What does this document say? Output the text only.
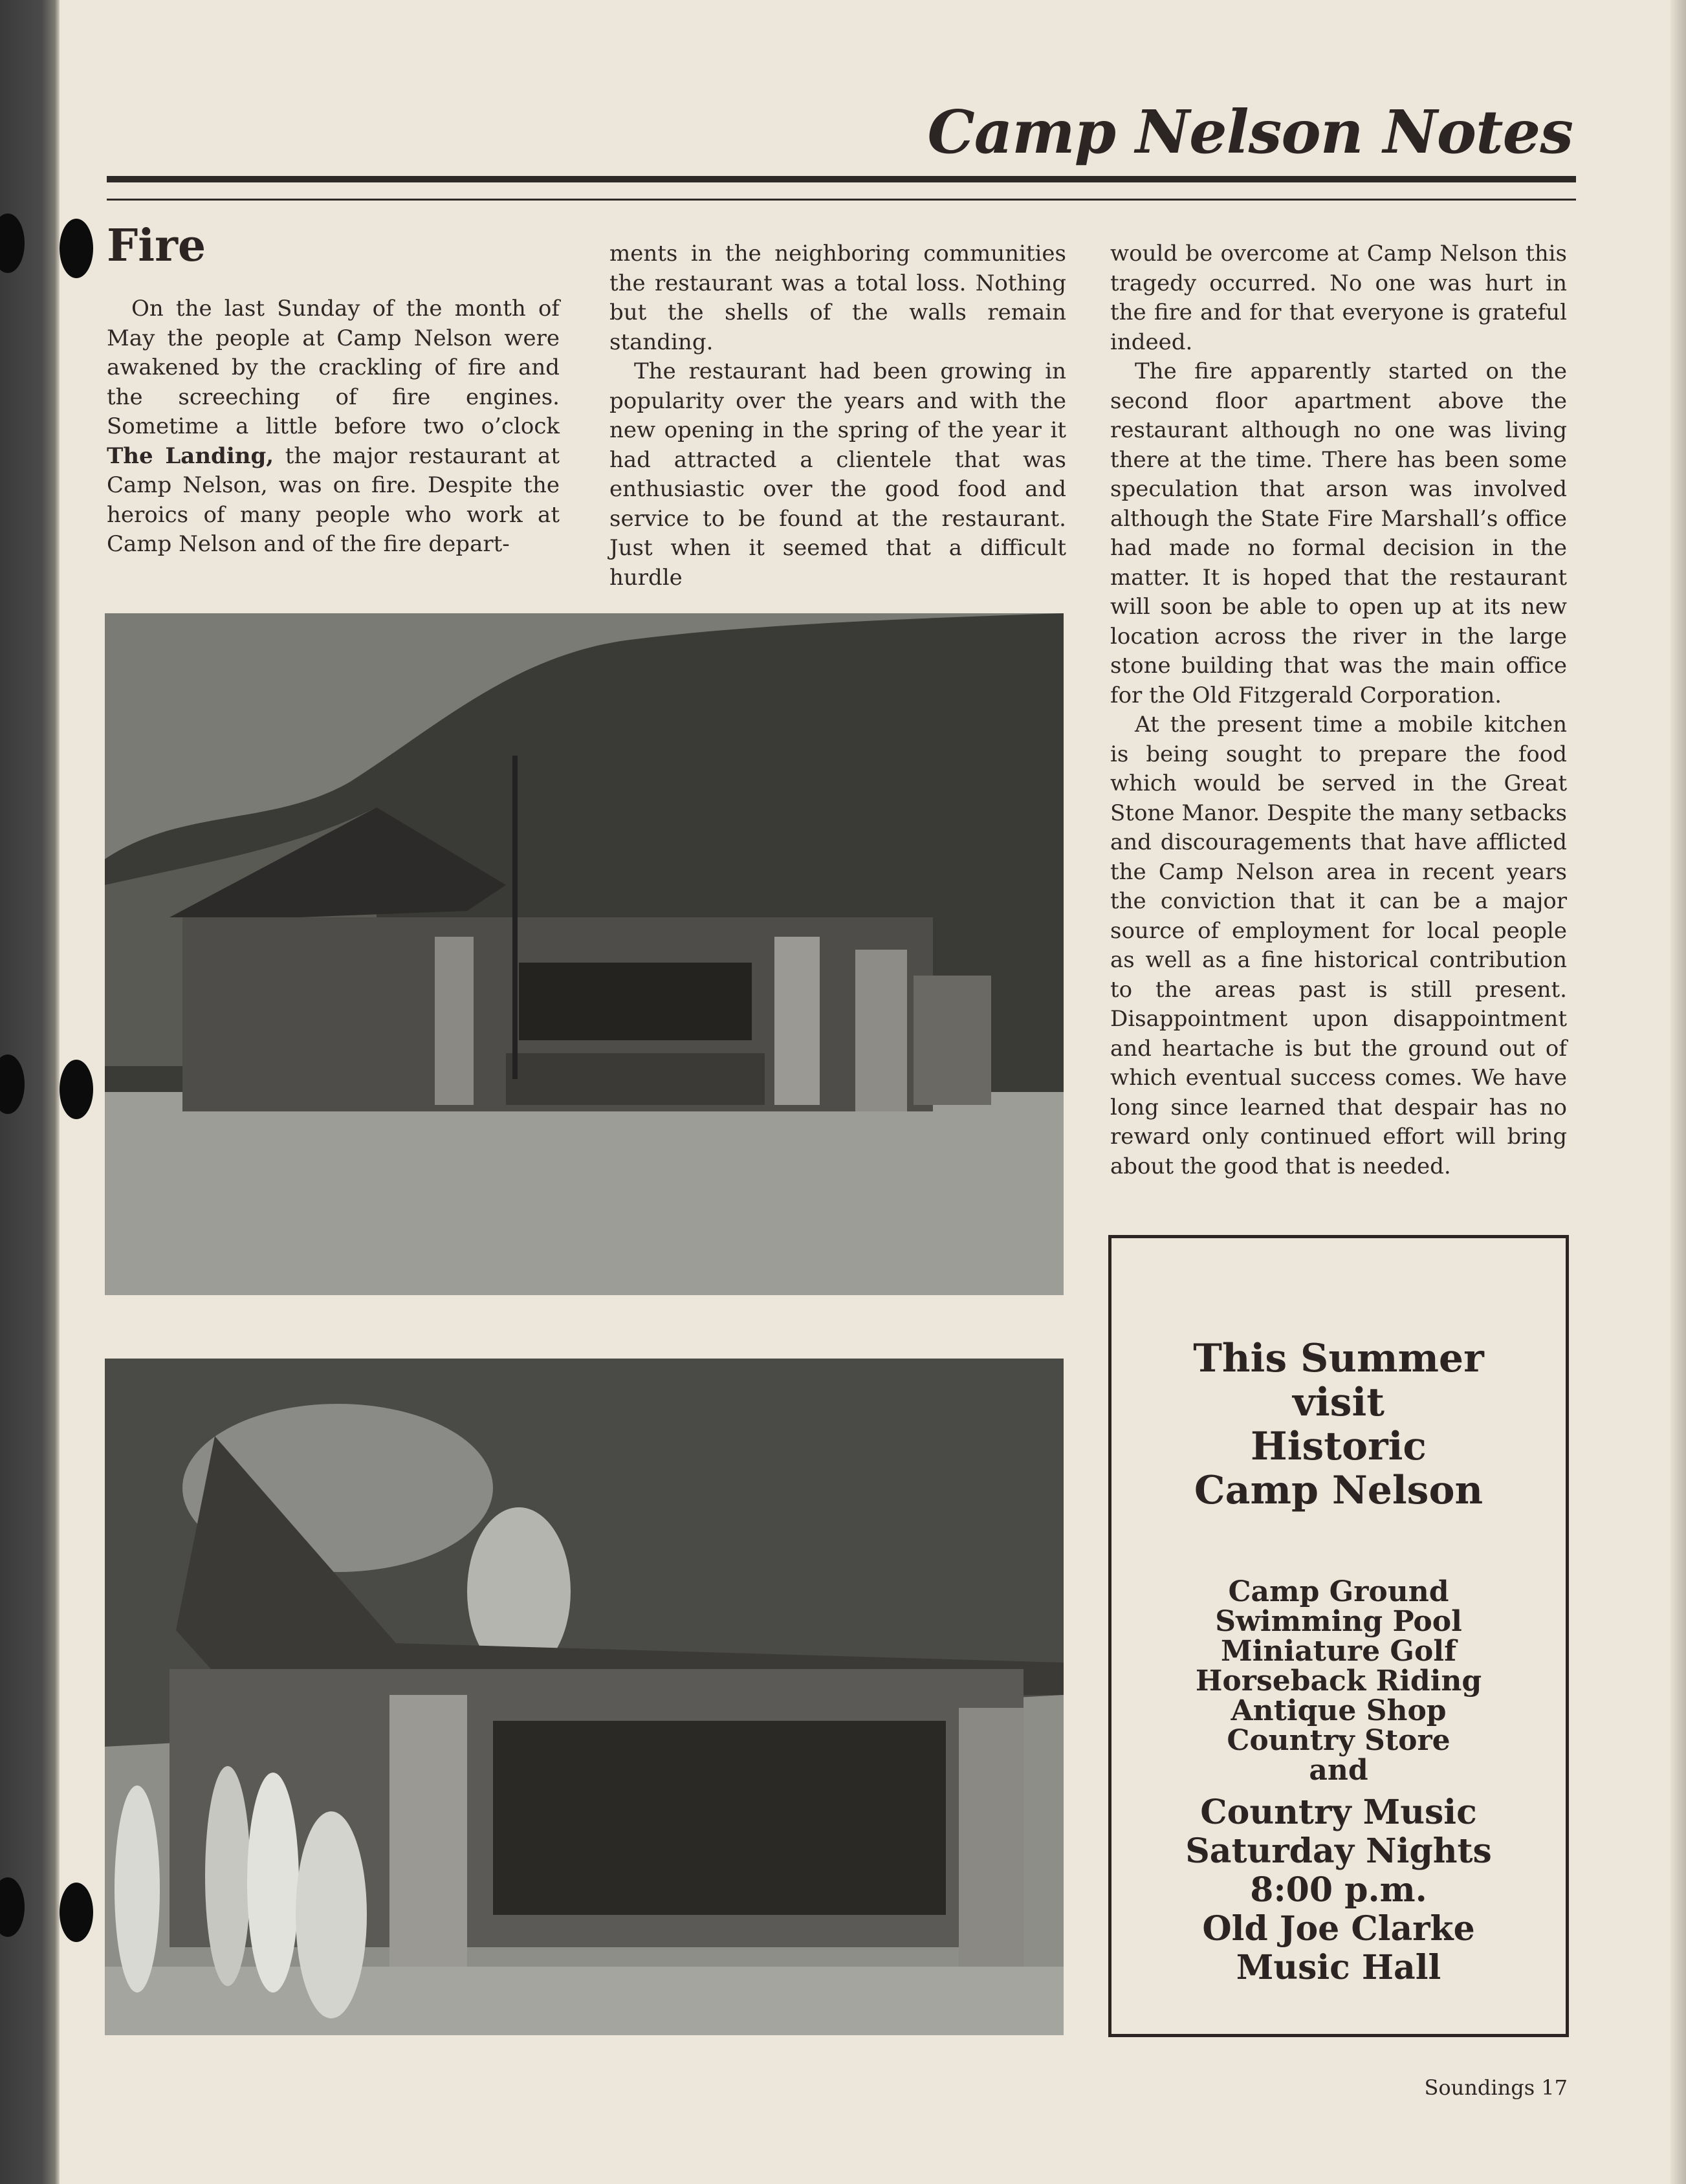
Camp Nelson Notes
Fire

On the last Sunday of the month of May the people at Camp Nelson were awakened by the crackling of fire and the screeching of fire engines. Sometime a little before two o’clock The Landing, the major restaurant at Camp Nelson, was on fire. Despite the heroics of many people who work at Camp Nelson and of the fire depart-

ments in the neighboring communities the restaurant was a total loss. Nothing but the shells of the walls remain standing.

The restaurant had been growing in popularity over the years and with the new opening in the spring of the year it had attracted a clientele that was enthusiastic over the good food and service to be found at the restaurant. Just when it seemed that a difficult hurdle

would be overcome at Camp Nelson this tragedy occurred. No one was hurt in the fire and for that everyone is grateful indeed.

The fire apparently started on the second floor apartment above the restaurant although no one was living there at the time. There has been some speculation that arson was involved although the State Fire Marshall’s office had made no formal decision in the matter. It is hoped that the restaurant will soon be able to open up at its new location across the river in the large stone building that was the main office for the Old Fitzgerald Corporation.

At the present time a mobile kitchen is being sought to prepare the food which would be served in the Great Stone Manor. Despite the many setbacks and discouragements that have afflicted the Camp Nelson area in recent years the conviction that it can be a major source of employment for local people as well as a fine historical contribution to the areas past is still present. Disappointment upon disappointment and heartache is but the ground out of which eventual success comes. We have long since learned that despair has no reward only continued effort will bring about the good that is needed.

This Summer
visit
Historic
Camp Nelson
Camp Ground
Swimming Pool
Miniature Golf
Horseback Riding
Antique Shop
Country Store
and
Country Music
Saturday Nights
8:00 p.m.
Old Joe Clarke
Music Hall
Soundings 17
